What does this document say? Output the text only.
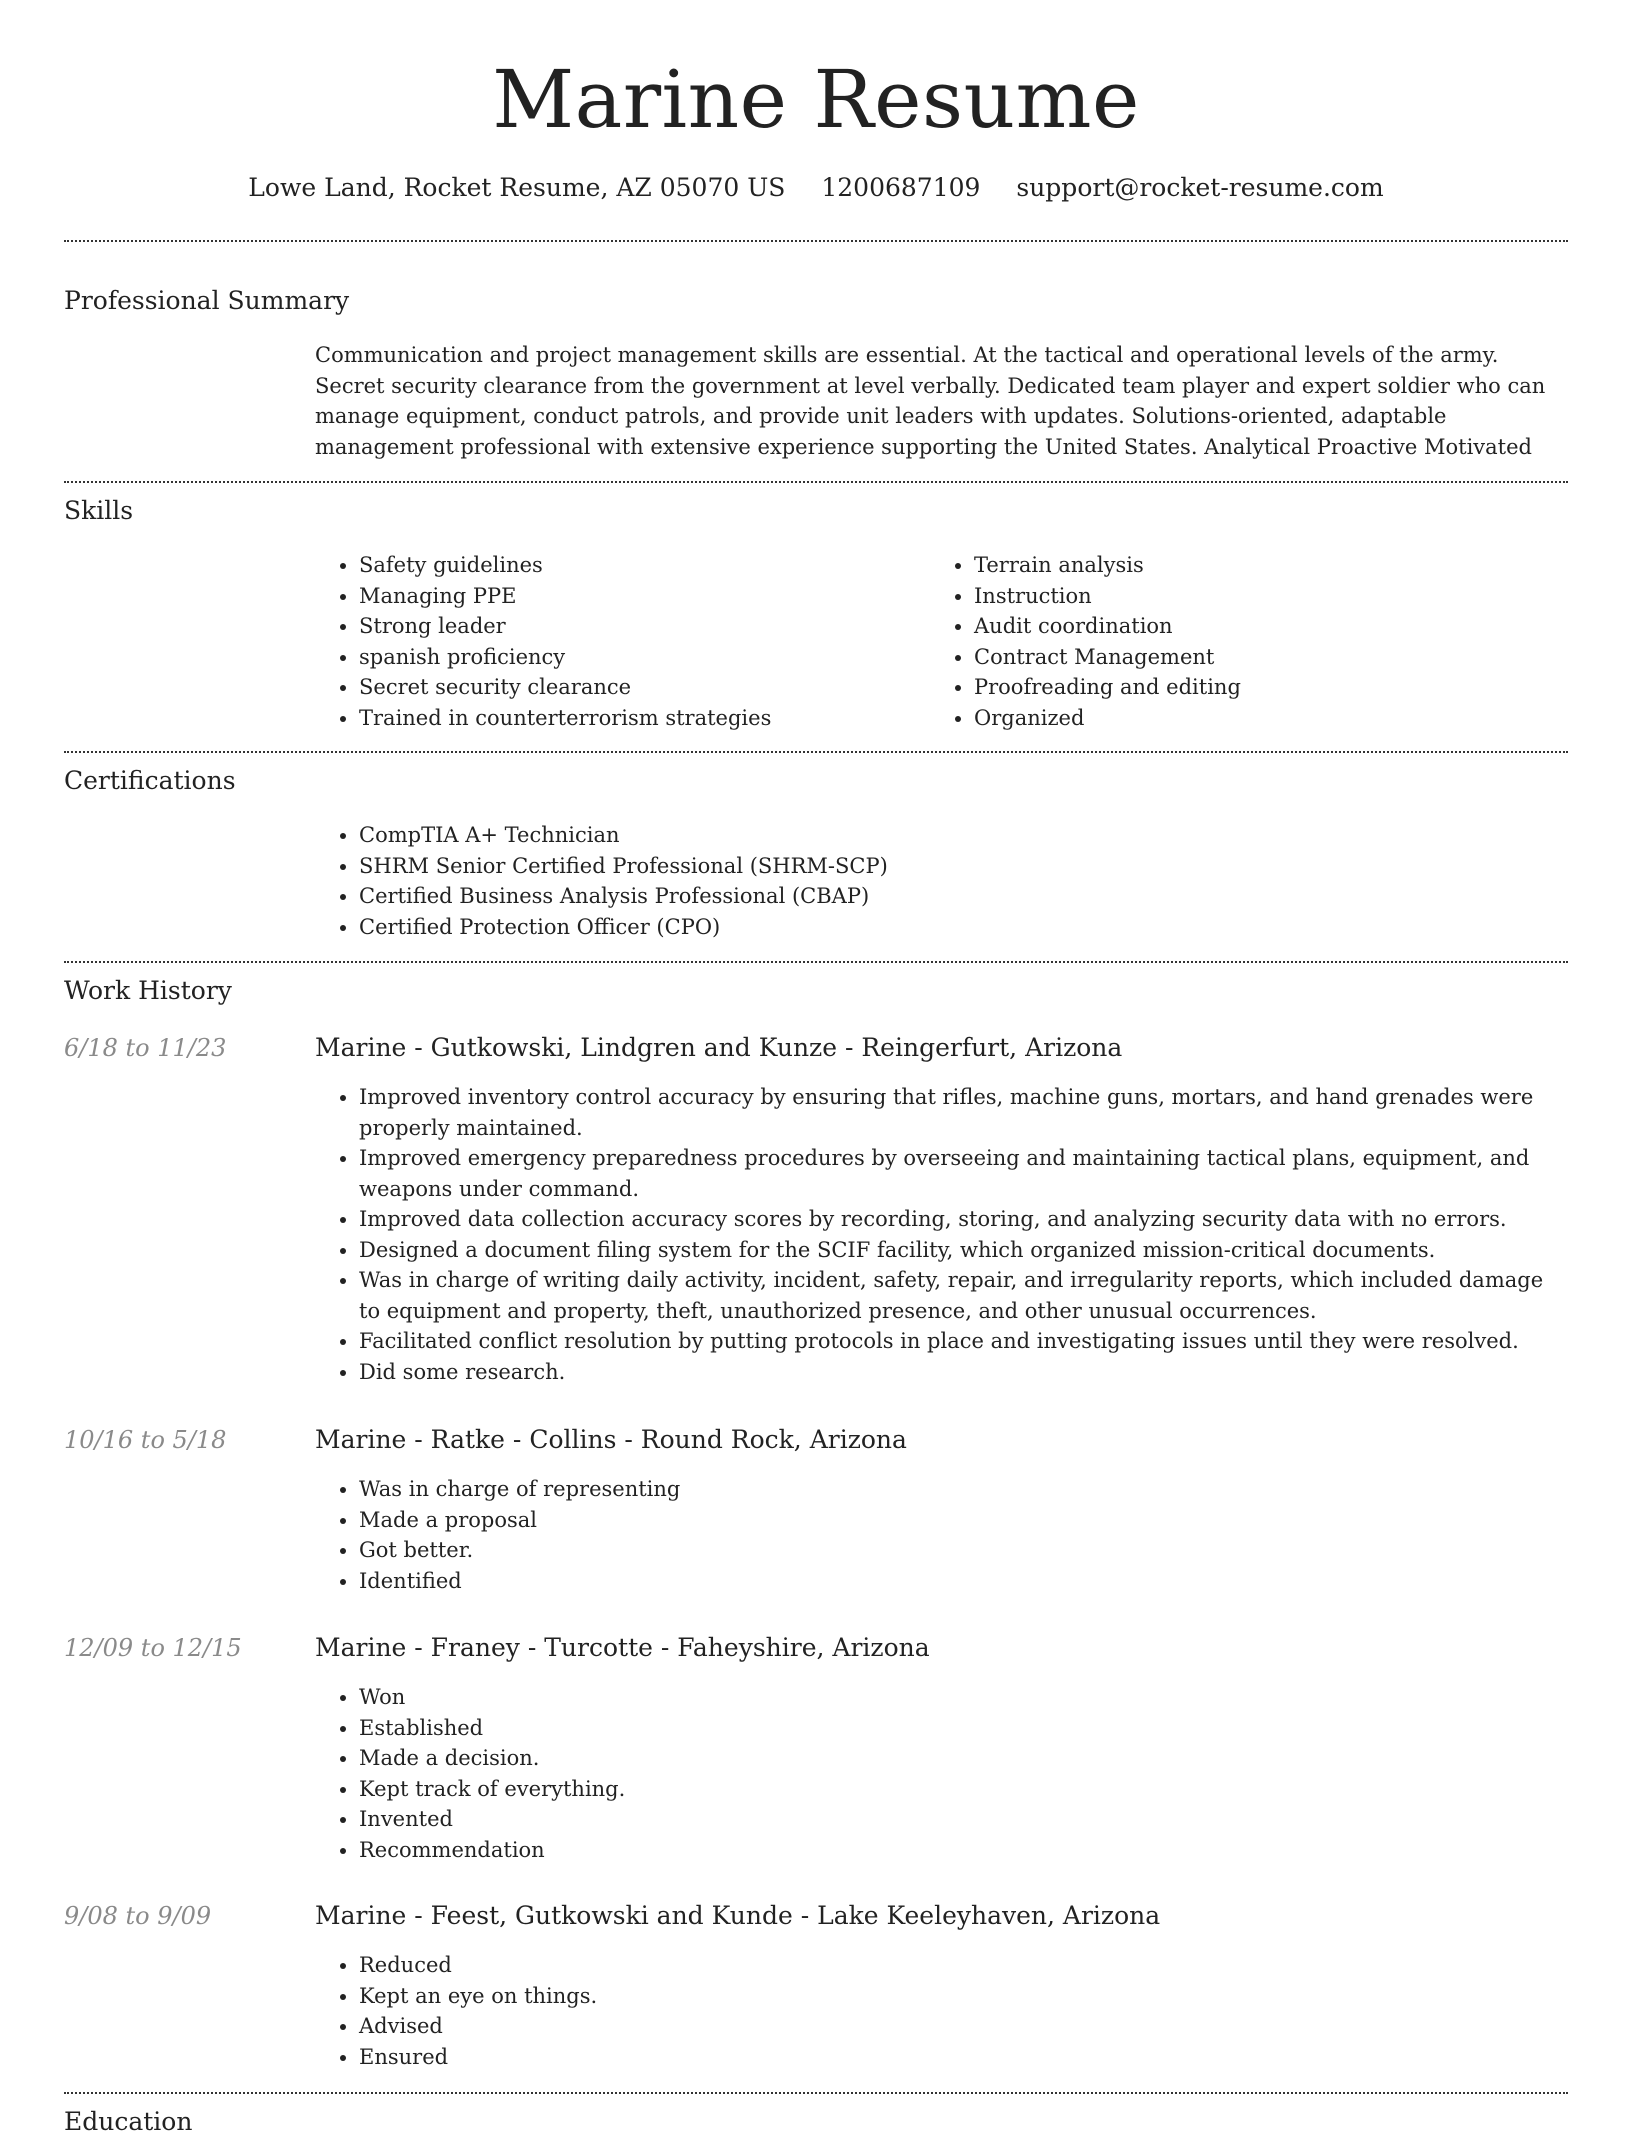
Marine Resume
Lowe Land, Rocket Resume, AZ 05070 US 1200687109 support@rocket-resume.com
Professional Summary
Communication and project management skills are essential. At the tactical and operational levels of the army. Secret security clearance from the government at level verbally. Dedicated team player and expert soldier who can manage equipment, conduct patrols, and provide unit leaders with updates. Solutions-oriented, adaptable management professional with extensive experience supporting the United States. Analytical Proactive Motivated
Skills
• Safety guidelines
• Managing PPE
• Strong leader
• spanish proficiency
• Secret security clearance
• Trained in counterterrorism strategies
• Terrain analysis
• Instruction
• Audit coordination
• Contract Management
• Proofreading and editing
• Organized
Certifications
• CompTIA A+ Technician
• SHRM Senior Certified Professional (SHRM-SCP)
• Certified Business Analysis Professional (CBAP)
• Certified Protection Officer (CPO)
Work History
6/18 to 11/23	Marine - Gutkowski, Lindgren and Kunze - Reingerfurt, Arizona
• Improved inventory control accuracy by ensuring that rifles, machine guns, mortars, and hand grenades were properly maintained.
• Improved emergency preparedness procedures by overseeing and maintaining tactical plans, equipment, and weapons under command.
• Improved data collection accuracy scores by recording, storing, and analyzing security data with no errors.
• Designed a document filing system for the SCIF facility, which organized mission-critical documents.
• Was in charge of writing daily activity, incident, safety, repair, and irregularity reports, which included damage to equipment and property, theft, unauthorized presence, and other unusual occurrences.
• Facilitated conflict resolution by putting protocols in place and investigating issues until they were resolved.
• Did some research.
10/16 to 5/18	Marine - Ratke - Collins - Round Rock, Arizona
• Was in charge of representing
• Made a proposal
• Got better.
• Identified
12/09 to 12/15	Marine - Franey - Turcotte - Faheyshire, Arizona
• Won
• Established
• Made a decision.
• Kept track of everything.
• Invented
• Recommendation
9/08 to 9/09	Marine - Feest, Gutkowski and Kunde - Lake Keeleyhaven, Arizona
• Reduced
• Kept an eye on things.
• Advised
• Ensured
Education
